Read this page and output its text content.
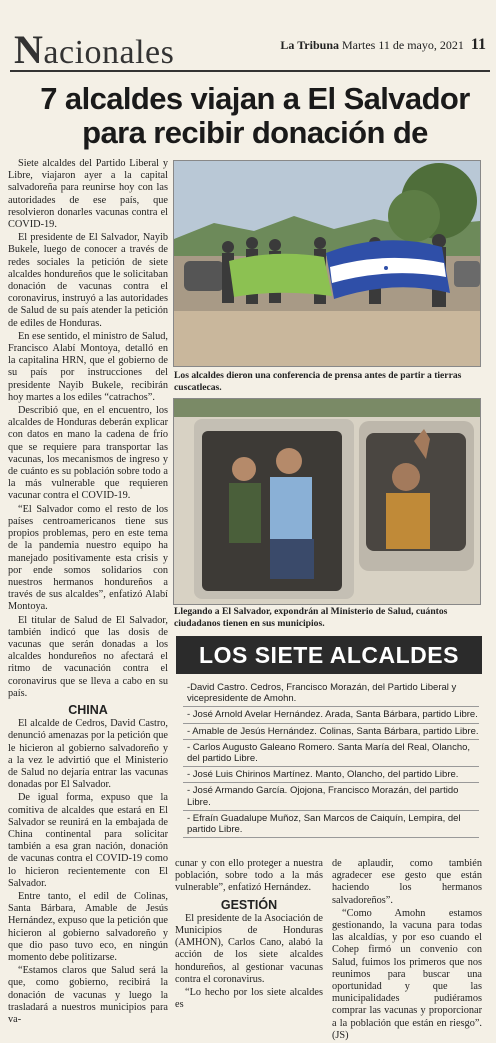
Nacionales	La Tribuna Martes 11 de mayo, 2021 11
7 alcaldes viajan a El Salvador para recibir donación de

Siete alcaldes del Partido Liberal y Libre, viajaron ayer a la capital salvadoreña para reunirse hoy con las autoridades de ese país, que resolvieron donarles vacunas contra el COVID-19.

El presidente de El Salvador, Nayib Bukele, luego de conocer a través de redes sociales la petición de siete alcaldes hondureños que le solicitaban donación de vacunas contra el coronavirus, instruyó a las autoridades de Salud de su país atender la petición de ediles de Honduras.

En ese sentido, el ministro de Salud, Francisco Alabí Montoya, detalló en la capitalina HRN, que el gobierno de su país por instrucciones del presidente Nayib Bukele, recibirán hoy martes a los ediles “catrachos”.

Describió que, en el encuentro, los alcaldes de Honduras deberán explicar con datos en mano la cadena de frío que se requiere para transportar las vacunas, los mecanismos de ingreso y de cuánto es su población sobre todo a la más vulnerable que requieren vacunar contra el COVID-19.

“El Salvador como el resto de los países centroamericanos tiene sus propios problemas, pero en este tema de la pandemia nuestro equipo ha manejado positivamente esta crisis y por ende somos solidarios con nuestros hermanos hondureños a través de sus alcaldes”, enfatizó Alabí Montoya.

El titular de Salud de El Salvador, también indicó que las dosis de vacunas que serán donadas a los alcaldes hondureños no afectará el ritmo de vacunación contra el coronavirus que se lleva a cabo en su país.

CHINA

El alcalde de Cedros, David Castro, denunció amenazas por la petición que le hicieron al gobierno salvadoreño y a la vez le advirtió que el Ministerio de Salud no dejaría entrar las vacunas donadas por El Salvador.

De igual forma, expuso que la comitiva de alcaldes que estará en El Salvador se reunirá en la embajada de China continental para solicitar también a esa gran nación, donación de vacunas contra el COVID-19 como lo hicieron recientemente con El Salvador.

Entre tanto, el edil de Colinas, Santa Bárbara, Amable de Jesús Hernández, expuso que la petición que hicieron al gobierno salvadoreño y que dio paso tuvo eco, en ningún momento debe politizarse.

“Estamos claros que Salud será la que, como gobierno, recibirá la donación de vacunas y luego la trasladará a nuestros municipios para va-

Los alcaldes dieron una conferencia de prensa antes de partir a tierras cuscatlecas.
Llegando a El Salvador, expondrán al Ministerio de Salud, cuántos ciudadanos tienen en sus municipios.
LOS SIETE ALCALDES
-David Castro. Cedros, Francisco Morazán, del Partido Liberal y vicepresidente de Amohn.
- José Arnold Avelar Hernández. Arada, Santa Bárbara, partido Libre.
- Amable de Jesús Hernández. Colinas, Santa Bárbara, partido Libre.
- Carlos Augusto Galeano Romero. Santa María del Real, Olancho, del partido Libre.
- José Luis Chirinos Martínez. Manto, Olancho, del partido Libre.
- José Armando García. Ojojona, Francisco Morazán, del partido Libre.
- Efraín Guadalupe Muñoz, San Marcos de Caiquín, Lempira, del partido Libre.

cunar y con ello proteger a nuestra población, sobre todo a la más vulnerable”, enfatizó Hernández.

GESTIÓN

El presidente de la Asociación de Municipios de Honduras (AMHON), Carlos Cano, alabó la acción de los siete alcaldes hondureños, al gestionar vacunas contra el coronavirus.

“Lo hecho por los siete alcaldes es

de aplaudir, como también agradecer ese gesto que están haciendo los hermanos salvadoreños”.

“Como Amohn estamos gestionando, la vacuna para todas las alcaldías, y por eso cuando el Cohep firmó un convenio con Salud, fuimos los primeros que nos reunimos para buscar una oportunidad y que las municipalidades pudiéramos comprar las vacunas y proporcionar a la población que están en riesgo”. (JS)
